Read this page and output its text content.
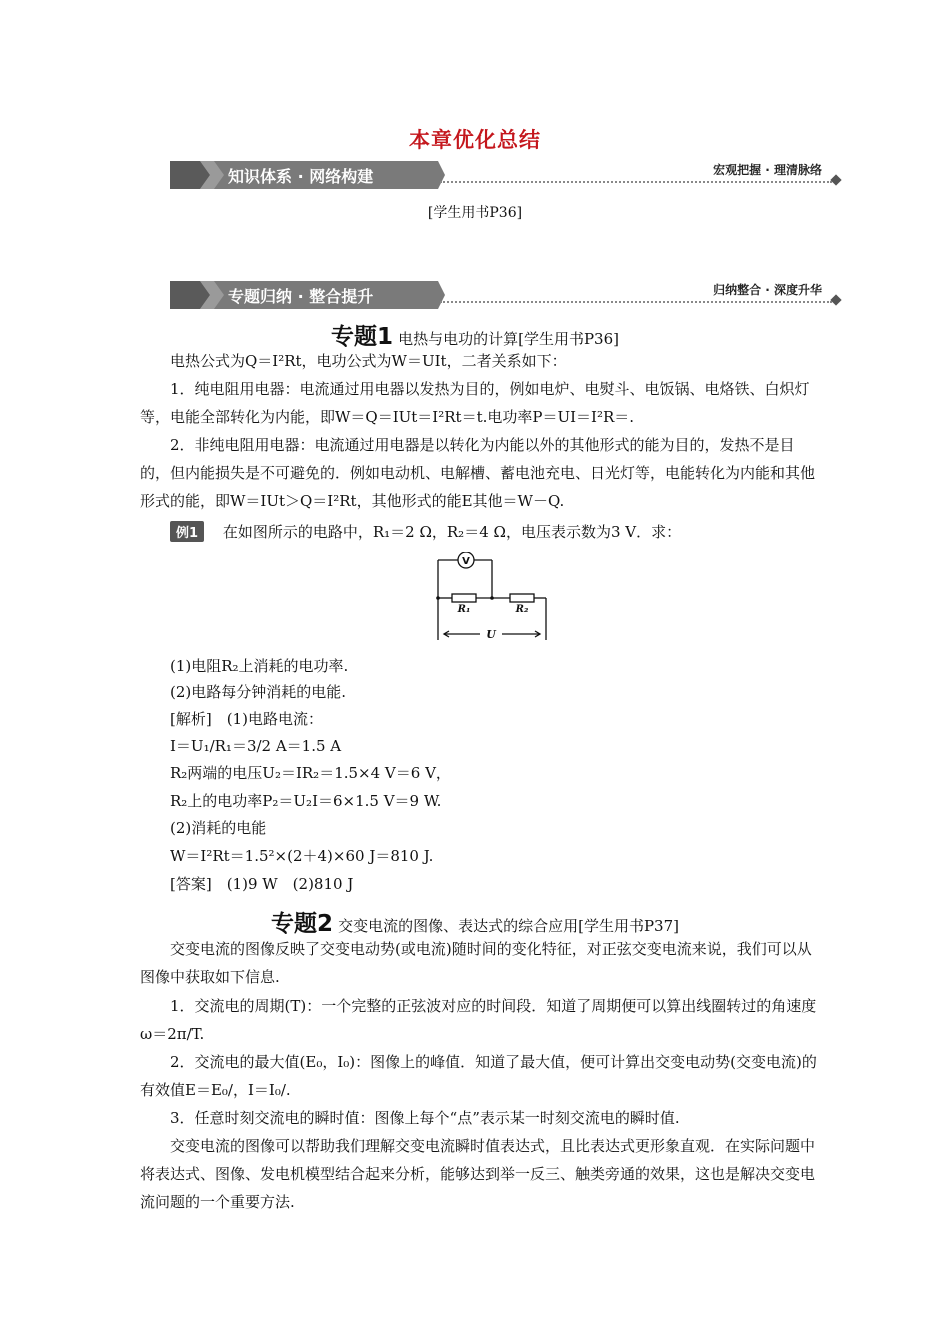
本章优化总结
知识体系 · 网络构建	宏观把握 · 理清脉络
[学生用书P36]
专题归纳 · 整合提升	归纳整合 · 深度升华
专题1 电热与电功的计算[学生用书P36]
电热公式为Q＝I²Rt，电功公式为W＝UIt，二者关系如下：
1．纯电阻用电器：电流通过用电器以发热为目的，例如电炉、电熨斗、电饭锅、电烙铁、白炽灯等，电能全部转化为内能，即W＝Q＝IUt＝I²Rt＝t.电功率P＝UI＝I²R＝.
2．非纯电阻用电器：电流通过用电器是以转化为内能以外的其他形式的能为目的，发热不是目的，但内能损失是不可避免的．例如电动机、电解槽、蓄电池充电、日光灯等，电能转化为内能和其他形式的能，即W＝IUt＞Q＝I²Rt，其他形式的能E其他＝W－Q.
例1 在如图所示的电路中，R₁＝2 Ω，R₂＝4 Ω，电压表示数为3 V．求：
V
R₁	R₂
U
(1)电阻R₂上消耗的电功率.
(2)电路每分钟消耗的电能.
[解析]　(1)电路电流：
I＝U₁/R₁＝3/2 A＝1.5 A
R₂两端的电压U₂＝IR₂＝1.5×4 V＝6 V，
R₂上的电功率P₂＝U₂I＝6×1.5 V＝9 W.
(2)消耗的电能
W＝I²Rt＝1.5²×(2＋4)×60 J＝810 J.
[答案]　(1)9 W　(2)810 J
专题2 交变电流的图像、表达式的综合应用[学生用书P37]
交变电流的图像反映了交变电动势(或电流)随时间的变化特征，对正弦交变电流来说，我们可以从图像中获取如下信息.
1．交流电的周期(T)：一个完整的正弦波对应的时间段．知道了周期便可以算出线圈转过的角速度ω＝2π/T.
2．交流电的最大值(E₀，I₀)：图像上的峰值．知道了最大值，便可计算出交变电动势(交变电流)的有效值E＝E₀/，I＝I₀/.
3．任意时刻交流电的瞬时值：图像上每个“点”表示某一时刻交流电的瞬时值.
交变电流的图像可以帮助我们理解交变电流瞬时值表达式，且比表达式更形象直观．在实际问题中将表达式、图像、发电机模型结合起来分析，能够达到举一反三、触类旁通的效果，这也是解决交变电流问题的一个重要方法.
